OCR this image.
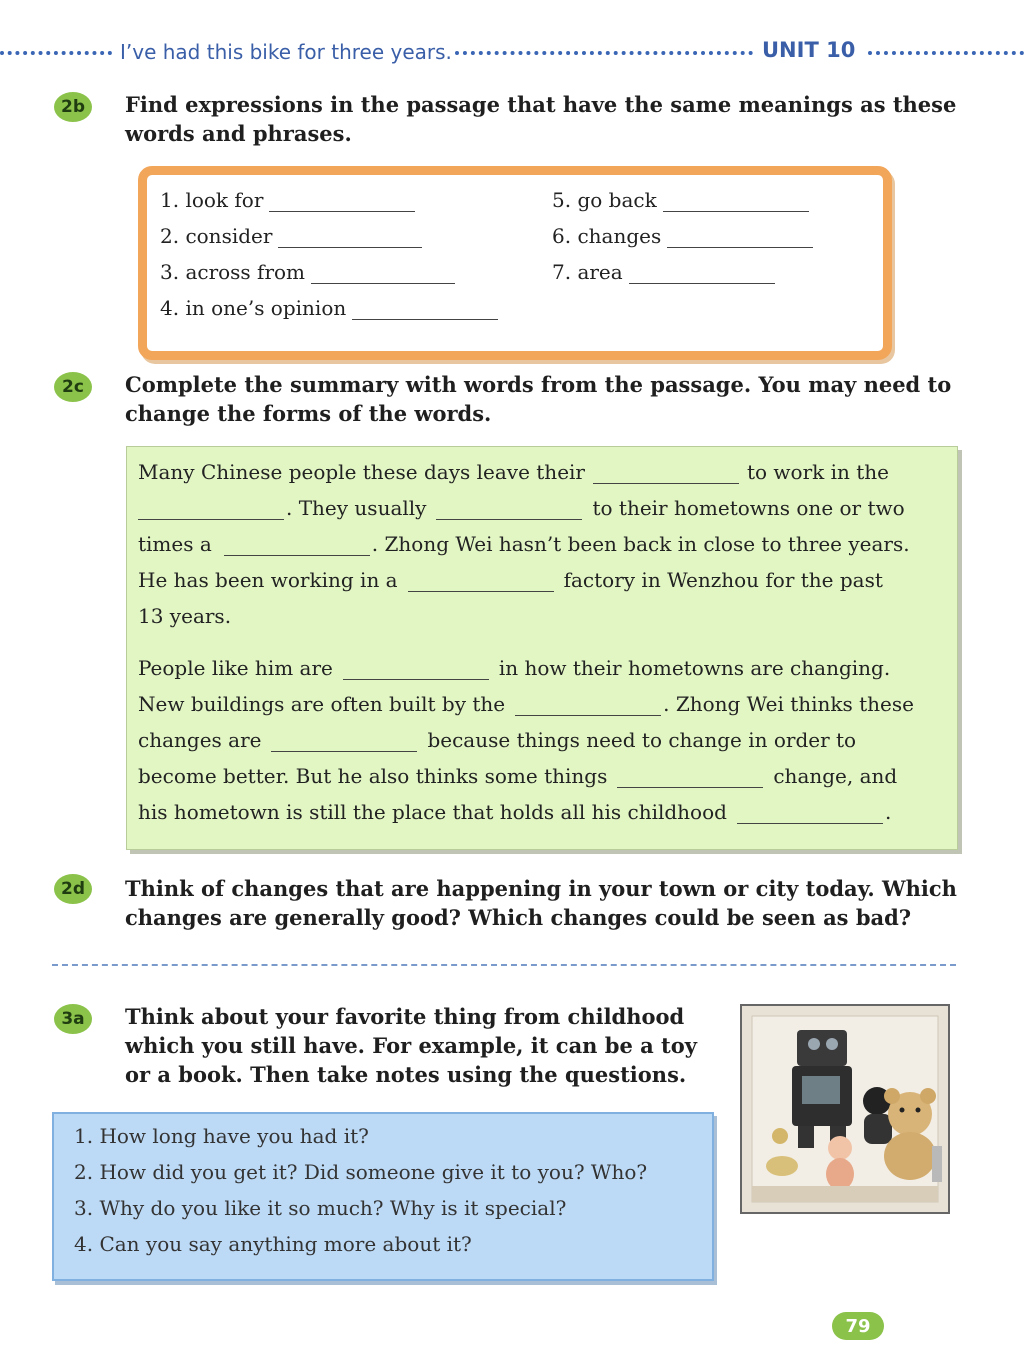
I’ve had this bike for three years.	UNIT 10
2b	Find expressions in the passage that have the same meanings as these
words and phrases.
1. look for
2. consider
3. across from
4. in one’s opinion
5. go back
6. changes
7. area
2c	Complete the summary with words from the passage. You may need to
change the forms of the words.
Many Chinese people these days leave their	to work in the
. They usually	to their hometowns one or two
times a	. Zhong Wei hasn’t been back in close to three years.
He has been working in a	factory in Wenzhou for the past
13 years.
People like him are	in how their hometowns are changing.
New buildings are often built by the	. Zhong Wei thinks these
changes are	because things need to change in order to
become better. But he also thinks some things	change, and
his hometown is still the place that holds all his childhood	.
2d	Think of changes that are happening in your town or city today. Which
changes are generally good? Which changes could be seen as bad?
3a	Think about your favorite thing from childhood
which you still have. For example, it can be a toy
or a book. Then take notes using the questions.
1. How long have you had it?
2. How did you get it? Did someone give it to you? Who?
3. Why do you like it so much? Why is it special?
4. Can you say anything more about it?
79
